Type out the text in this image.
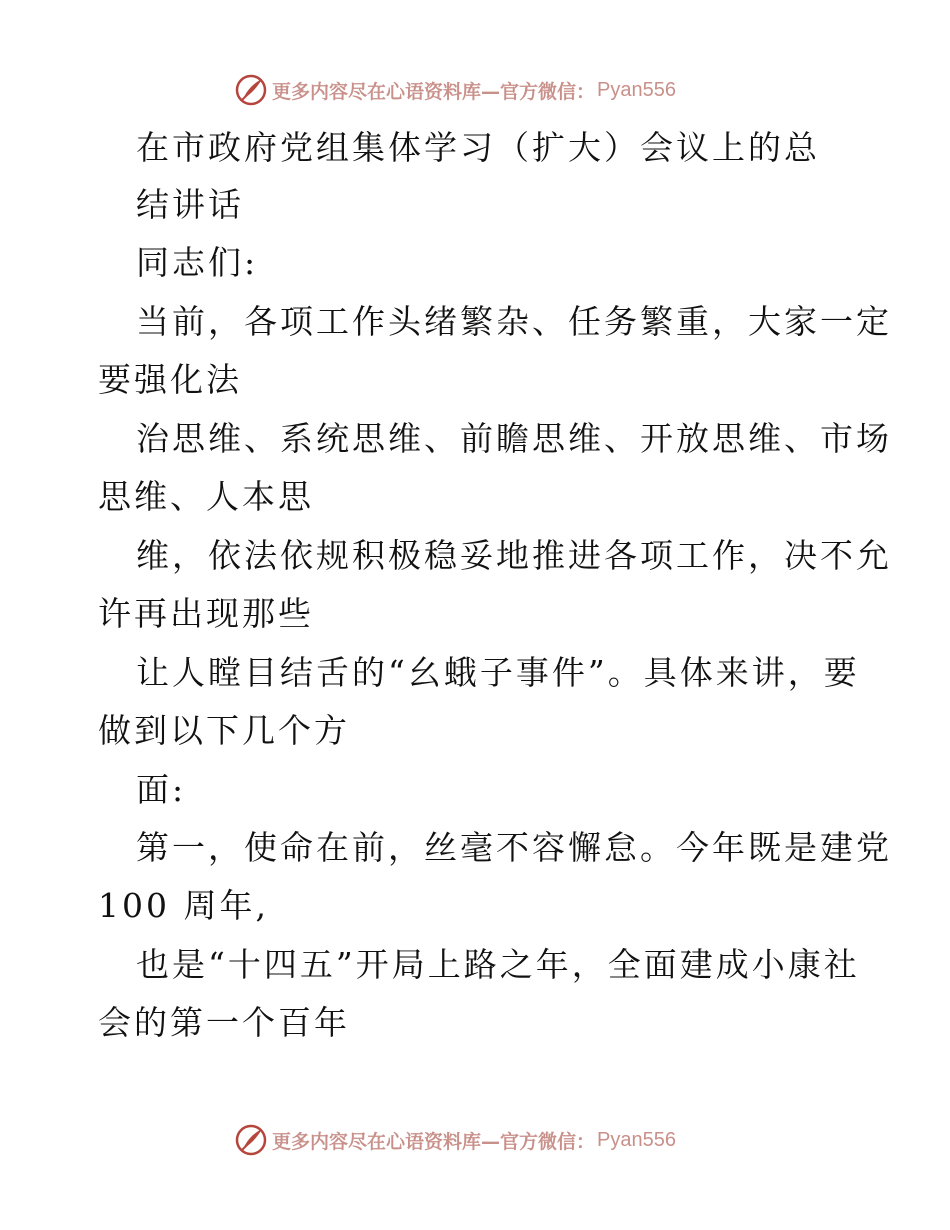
更多内容尽在心语资料库—官方微信： Pyan556
在市政府党组集体学习（扩大）会议上的总
结讲话
同志们:
当前，各项工作头绪繁杂、任务繁重，大家一定
要强化法
治思维、系统思维、前瞻思维、开放思维、市场
思维、人本思
维，依法依规积极稳妥地推进各项工作，决不允
许再出现那些
让人瞠目结舌的“幺蛾子事件”。具体来讲，要
做到以下几个方
面:
第一，使命在前，丝毫不容懈怠。今年既是建党
100 周年,
也是“十四五”开局上路之年，全面建成小康社
会的第一个百年
更多内容尽在心语资料库—官方微信： Pyan556
